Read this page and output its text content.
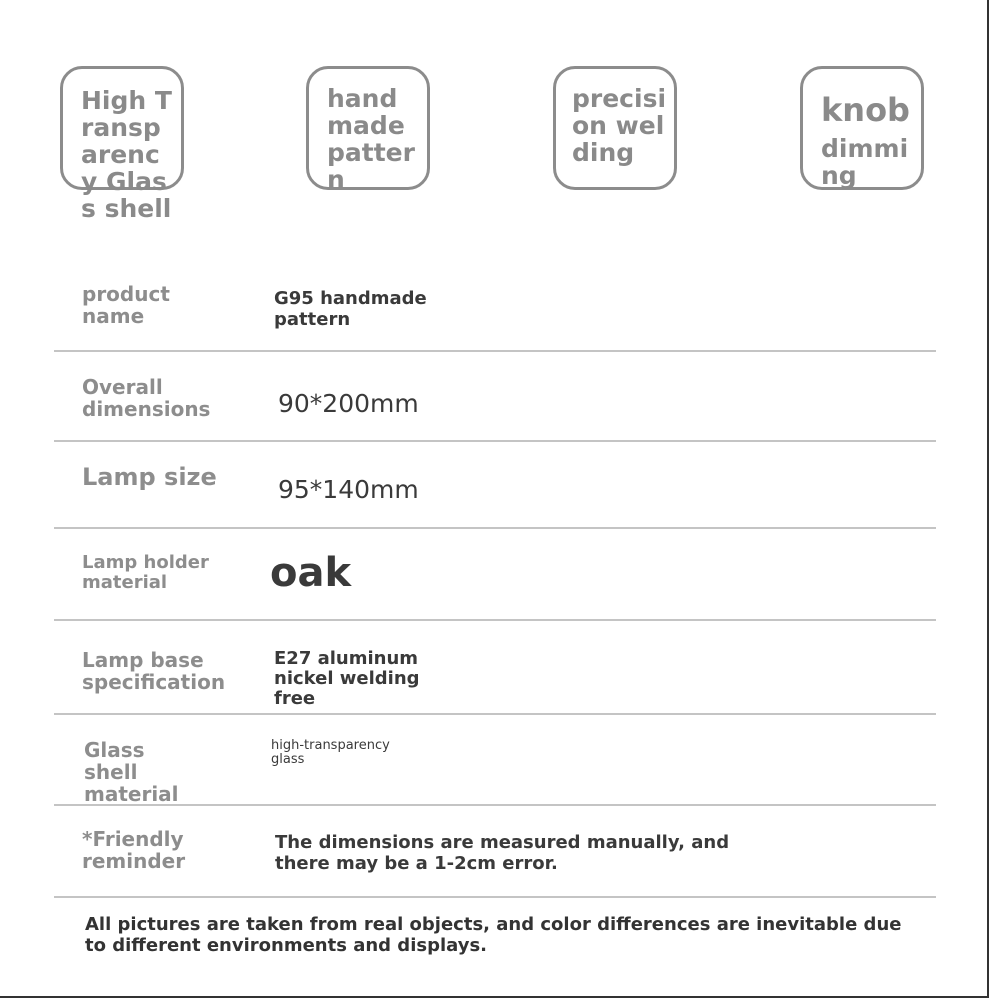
High Transparency Glass shell
handmade pattern
precision welding
knob
dimming
product name
G95 handmade pattern
Overall dimensions	90*200mm
Lamp size 95*140mm
Lamp holder material	oak
Lamp base specification
E27 aluminum nickel welding free
Glass shell material
high-transparency glass
*Friendly reminder
The dimensions are measured manually, and there may be a 1-2cm error.
All pictures are taken from real objects, and color differences are inevitable due to different environments and displays.
